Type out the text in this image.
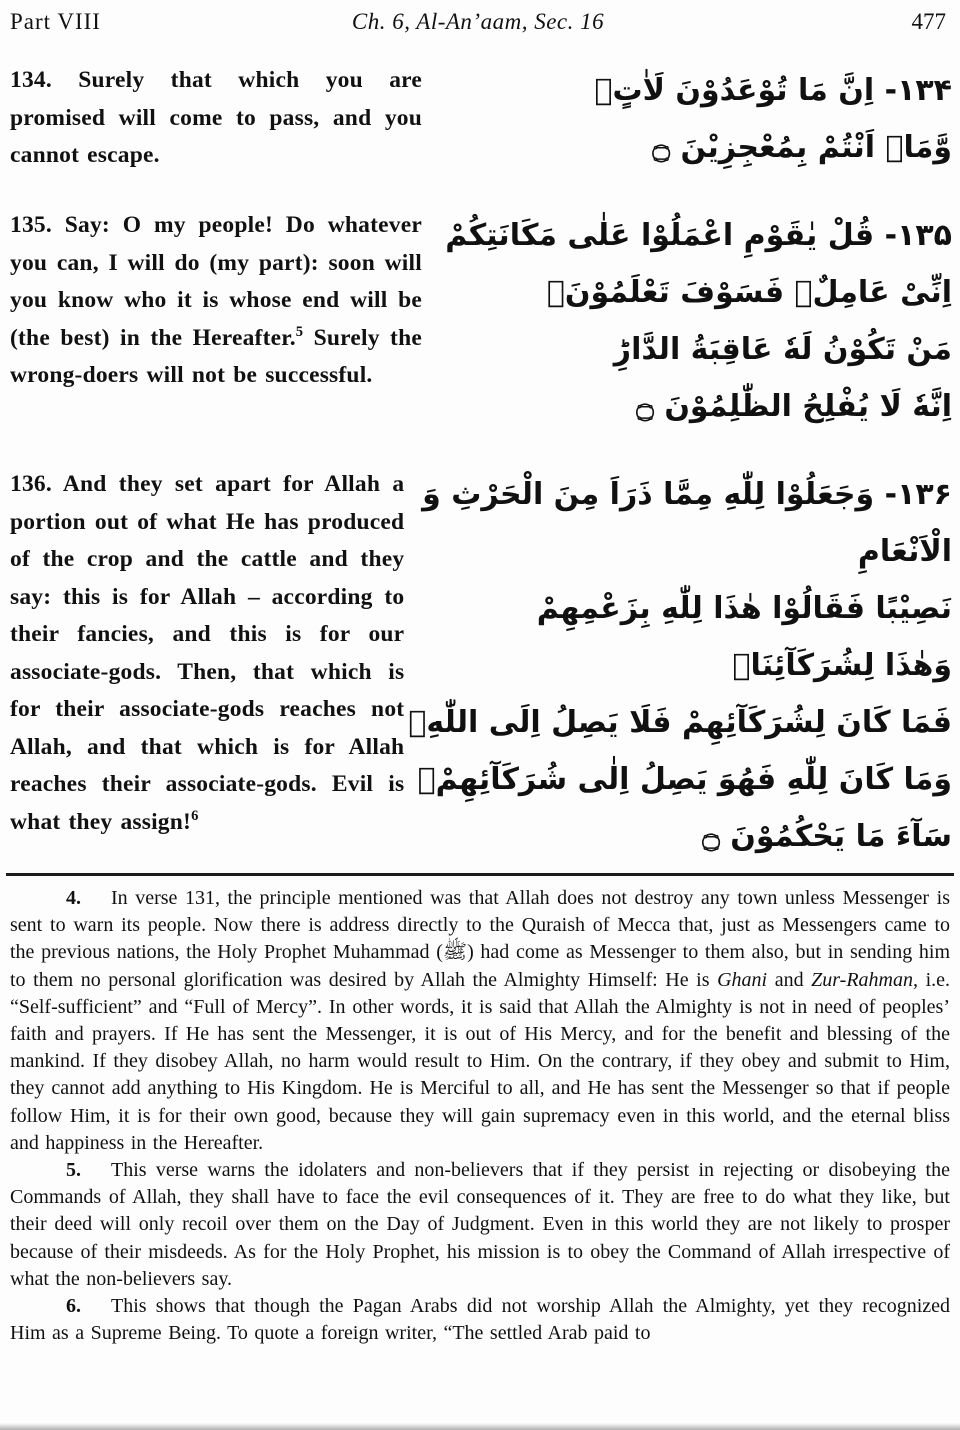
Part VIII	Ch. 6, Al-An’aam, Sec. 16	477
134. Surely that which you are promised will come to pass, and you cannot escape.
۱۳۴- اِنَّ مَا تُوْعَدُوْنَ لَاٰتٍۙ
وَّمَاۤ اَنْتُمْ بِمُعْجِزِيْنَ ۝
135. Say: O my people! Do whatever you can, I will do (my part): soon will you know who it is whose end will be (the best) in the Hereafter.$^5$ Surely the wrong-doers will not be successful.
۱۳۵- قُلْ يٰقَوْمِ اعْمَلُوْا عَلٰى مَكَانَتِكُمْ
اِنِّىْ عَامِلٌۚ فَسَوْفَ تَعْلَمُوْنَۙ
مَنْ تَكُوْنُ لَهٗ عَاقِبَةُ الدَّارِؕ
اِنَّهٗ لَا يُفْلِحُ الظّٰلِمُوْنَ ۝
136. And they set apart for Allah a portion out of what He has produced of the crop and the cattle and they say: this is for Allah – according to their fancies, and this is for our associate-gods. Then, that which is for their associate-gods reaches not Allah, and that which is for Allah reaches their associate-gods. Evil is what they assign!$^6$
۱۳۶- وَجَعَلُوْا لِلّٰهِ مِمَّا ذَرَاَ مِنَ الْحَرْثِ وَ
الْاَنْعَامِ
نَصِيْبًا فَقَالُوْا هٰذَا لِلّٰهِ بِزَعْمِهِمْ
وَهٰذَا لِشُرَكَآئِنَاۚ
فَمَا كَانَ لِشُرَكَآئِهِمْ فَلَا يَصِلُ اِلَى اللّٰهِۚ
وَمَا كَانَ لِلّٰهِ فَهُوَ يَصِلُ اِلٰى شُرَكَآئِهِمْۚ
سَآءَ مَا يَحْكُمُوْنَ ۝

4. In verse 131, the principle mentioned was that Allah does not destroy any town unless Messenger is sent to warn its people. Now there is address directly to the Quraish of Mecca that, just as Messengers came to the previous nations, the Holy Prophet Muhammad (ﷺ) had come as Messenger to them also, but in sending him to them no personal glorification was desired by Allah the Almighty Himself: He is Ghani and Zur-Rahman, i.e. “Self-sufficient” and “Full of Mercy”. In other words, it is said that Allah the Almighty is not in need of peoples’ faith and prayers. If He has sent the Messenger, it is out of His Mercy, and for the benefit and blessing of the mankind. If they disobey Allah, no harm would result to Him. On the contrary, if they obey and submit to Him, they cannot add anything to His Kingdom. He is Merciful to all, and He has sent the Messenger so that if people follow Him, it is for their own good, because they will gain supremacy even in this world, and the eternal bliss and happiness in the Hereafter.

5. This verse warns the idolaters and non-believers that if they persist in rejecting or disobeying the Commands of Allah, they shall have to face the evil consequences of it. They are free to do what they like, but their deed will only recoil over them on the Day of Judgment. Even in this world they are not likely to prosper because of their misdeeds. As for the Holy Prophet, his mission is to obey the Command of Allah irrespective of what the non-believers say.

6. This shows that though the Pagan Arabs did not worship Allah the Almighty, yet they recognized Him as a Supreme Being. To quote a foreign writer, “The settled Arab paid to
